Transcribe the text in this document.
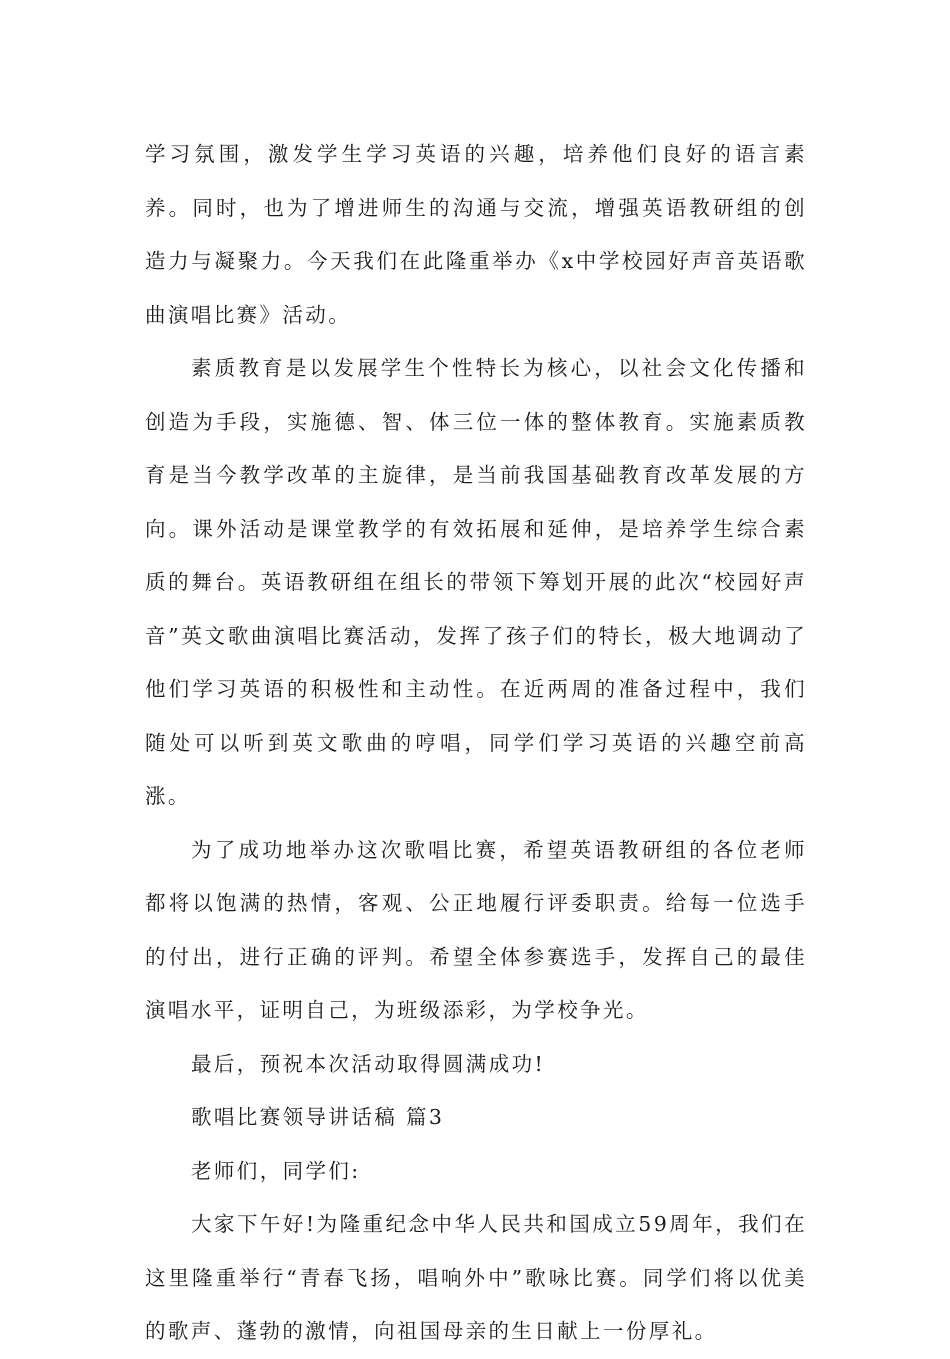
学习氛围，激发学生学习英语的兴趣，培养他们良好的语言素养。同时，也为了增进师生的沟通与交流，增强英语教研组的创造力与凝聚力。今天我们在此隆重举办《x中学校园好声音英语歌曲演唱比赛》活动。

素质教育是以发展学生个性特长为核心，以社会文化传播和创造为手段，实施德、智、体三位一体的整体教育。实施素质教育是当今教学改革的主旋律，是当前我国基础教育改革发展的方向。课外活动是课堂教学的有效拓展和延伸，是培养学生综合素质的舞台。英语教研组在组长的带领下筹划开展的此次“校园好声音”英文歌曲演唱比赛活动，发挥了孩子们的特长，极大地调动了他们学习英语的积极性和主动性。在近两周的准备过程中，我们随处可以听到英文歌曲的哼唱，同学们学习英语的兴趣空前高涨。

为了成功地举办这次歌唱比赛，希望英语教研组的各位老师都将以饱满的热情，客观、公正地履行评委职责。给每一位选手的付出，进行正确的评判。希望全体参赛选手，发挥自己的最佳演唱水平，证明自己，为班级添彩，为学校争光。

最后，预祝本次活动取得圆满成功!

歌唱比赛领导讲话稿 篇3

老师们，同学们:

大家下午好!为隆重纪念中华人民共和国成立59周年，我们在这里隆重举行“青春飞扬，唱响外中”歌咏比赛。同学们将以优美的歌声、蓬勃的激情，向祖国母亲的生日献上一份厚礼。
